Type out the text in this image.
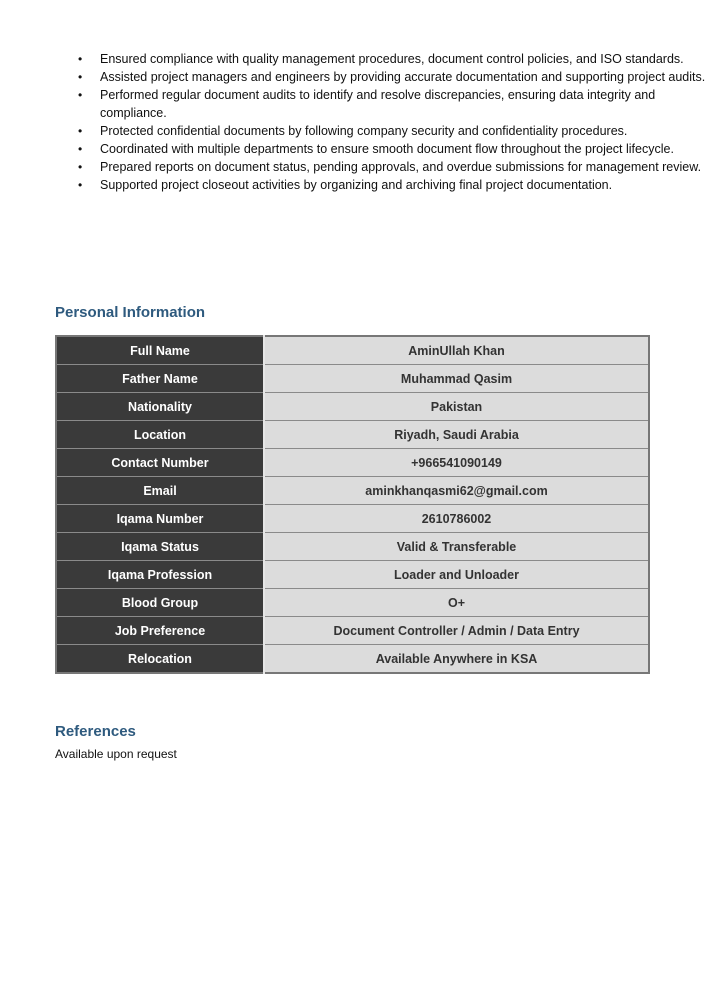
• Ensured compliance with quality management procedures, document control policies, and ISO standards.
• Assisted project managers and engineers by providing accurate documentation and supporting project audits.
• Performed regular document audits to identify and resolve discrepancies, ensuring data integrity and compliance.
• Protected confidential documents by following company security and confidentiality procedures.
• Coordinated with multiple departments to ensure smooth document flow throughout the project lifecycle.
• Prepared reports on document status, pending approvals, and overdue submissions for management review.
• Supported project closeout activities by organizing and archiving final project documentation.
Personal Information
Full Name	AminUllah Khan
Father Name	Muhammad Qasim
Nationality	Pakistan
Location	Riyadh, Saudi Arabia
Contact Number	+966541090149
Email	aminkhanqasmi62@gmail.com
Iqama Number	2610786002
Iqama Status	Valid & Transferable
Iqama Profession	Loader and Unloader
Blood Group	O+
Job Preference	Document Controller / Admin / Data Entry
Relocation	Available Anywhere in KSA
References

Available upon request
